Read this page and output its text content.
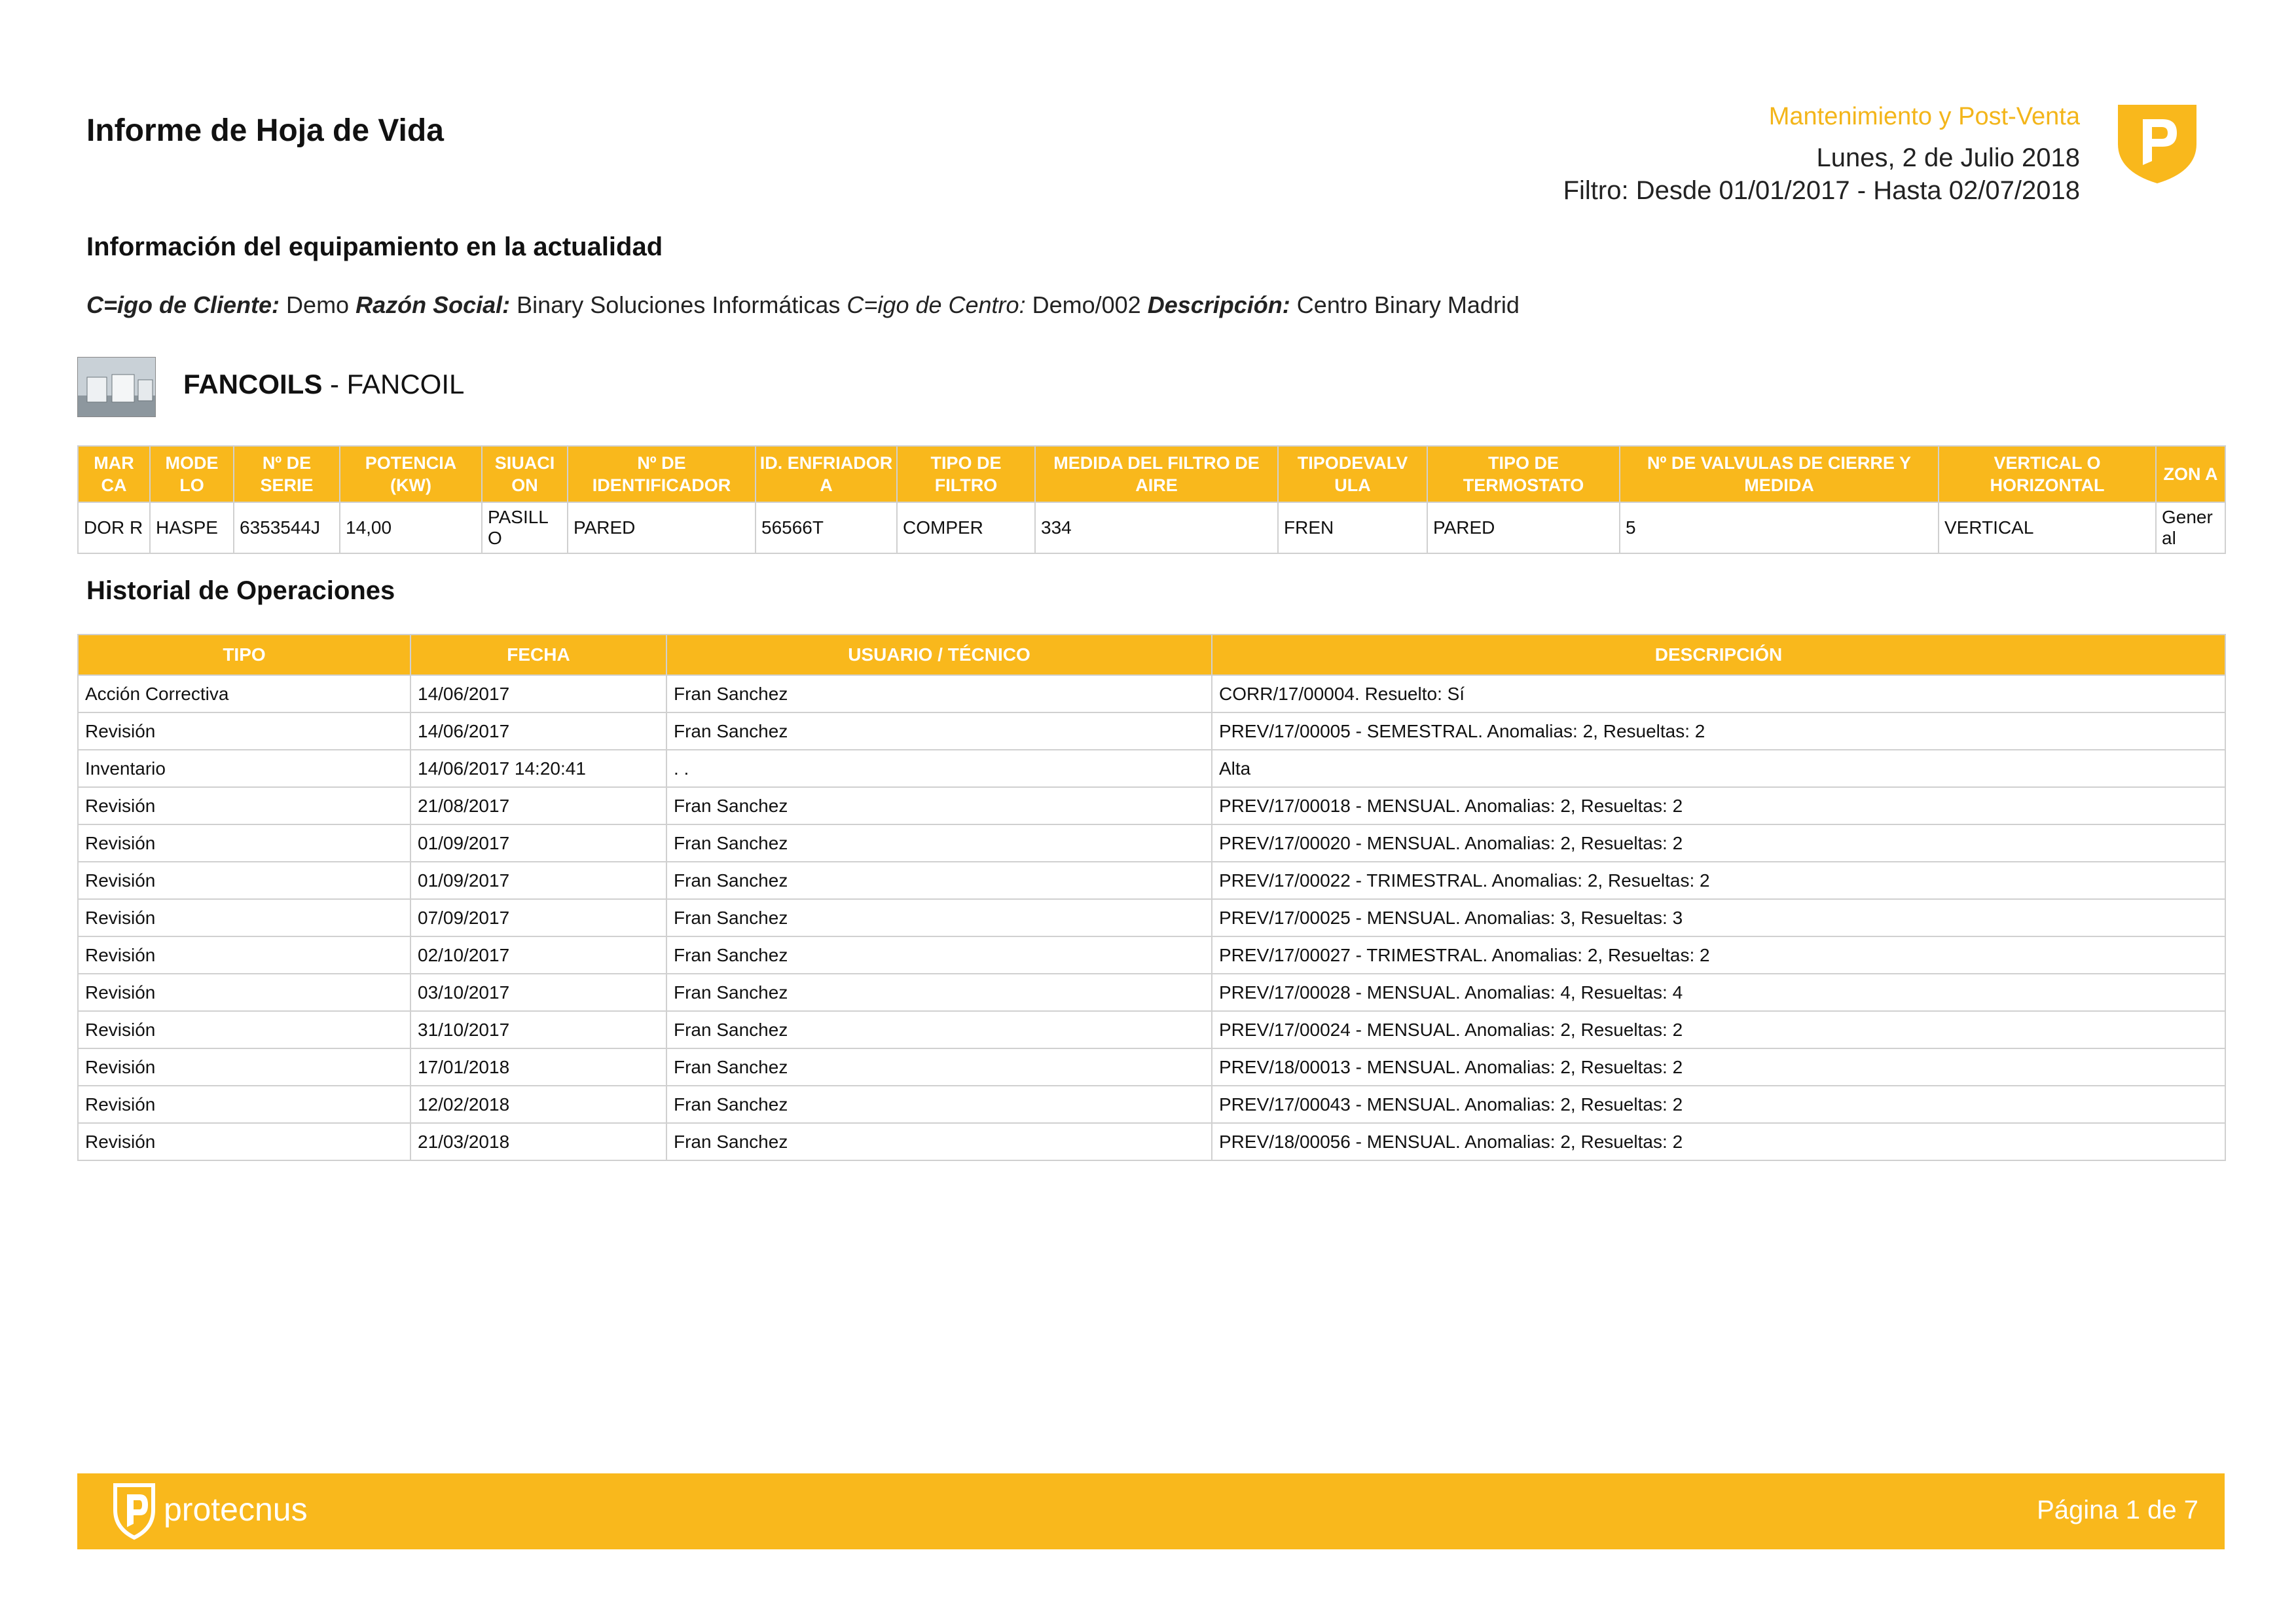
Informe de Hoja de Vida	Mantenimiento y Post-Venta
Lunes, 2 de Julio 2018
Filtro: Desde 01/01/2017 - Hasta 02/07/2018
Información del equipamiento en la actualidad
C=igo de Cliente: Demo Razón Social: Binary Soluciones Informáticas C=igo de Centro: Demo/002 Descripción: Centro Binary Madrid
FANCOILS - FANCOIL
MAR CA	MODE LO	Nº DE SERIE	POTENCIA (KW)	SIUACI ON	Nº DE IDENTIFICADOR	ID. ENFRIADOR A	TIPO DE FILTRO	MEDIDA DEL FILTRO DE AIRE	TIPODEVALV ULA	TIPO DE TERMOSTATO	Nº DE VALVULAS DE CIERRE Y MEDIDA	VERTICAL O HORIZONTAL	ZON A
DOR R	HASPE	6353544J	14,00	PASILL O	PARED	56566T	COMPER	334	FREN	PARED	5	VERTICAL	Gener al
Historial de Operaciones
TIPO	FECHA	USUARIO / TÉCNICO	DESCRIPCIÓN
Acción Correctiva	14/06/2017	Fran Sanchez	CORR/17/00004. Resuelto: Sí
Revisión	14/06/2017	Fran Sanchez	PREV/17/00005 - SEMESTRAL. Anomalias: 2, Resueltas: 2
Inventario	14/06/2017 14:20:41	. .	Alta
Revisión	21/08/2017	Fran Sanchez	PREV/17/00018 - MENSUAL. Anomalias: 2, Resueltas: 2
Revisión	01/09/2017	Fran Sanchez	PREV/17/00020 - MENSUAL. Anomalias: 2, Resueltas: 2
Revisión	01/09/2017	Fran Sanchez	PREV/17/00022 - TRIMESTRAL. Anomalias: 2, Resueltas: 2
Revisión	07/09/2017	Fran Sanchez	PREV/17/00025 - MENSUAL. Anomalias: 3, Resueltas: 3
Revisión	02/10/2017	Fran Sanchez	PREV/17/00027 - TRIMESTRAL. Anomalias: 2, Resueltas: 2
Revisión	03/10/2017	Fran Sanchez	PREV/17/00028 - MENSUAL. Anomalias: 4, Resueltas: 4
Revisión	31/10/2017	Fran Sanchez	PREV/17/00024 - MENSUAL. Anomalias: 2, Resueltas: 2
Revisión	17/01/2018	Fran Sanchez	PREV/18/00013 - MENSUAL. Anomalias: 2, Resueltas: 2
Revisión	12/02/2018	Fran Sanchez	PREV/17/00043 - MENSUAL. Anomalias: 2, Resueltas: 2
Revisión	21/03/2018	Fran Sanchez	PREV/18/00056 - MENSUAL. Anomalias: 2, Resueltas: 2
protecnus	Página 1 de 7
